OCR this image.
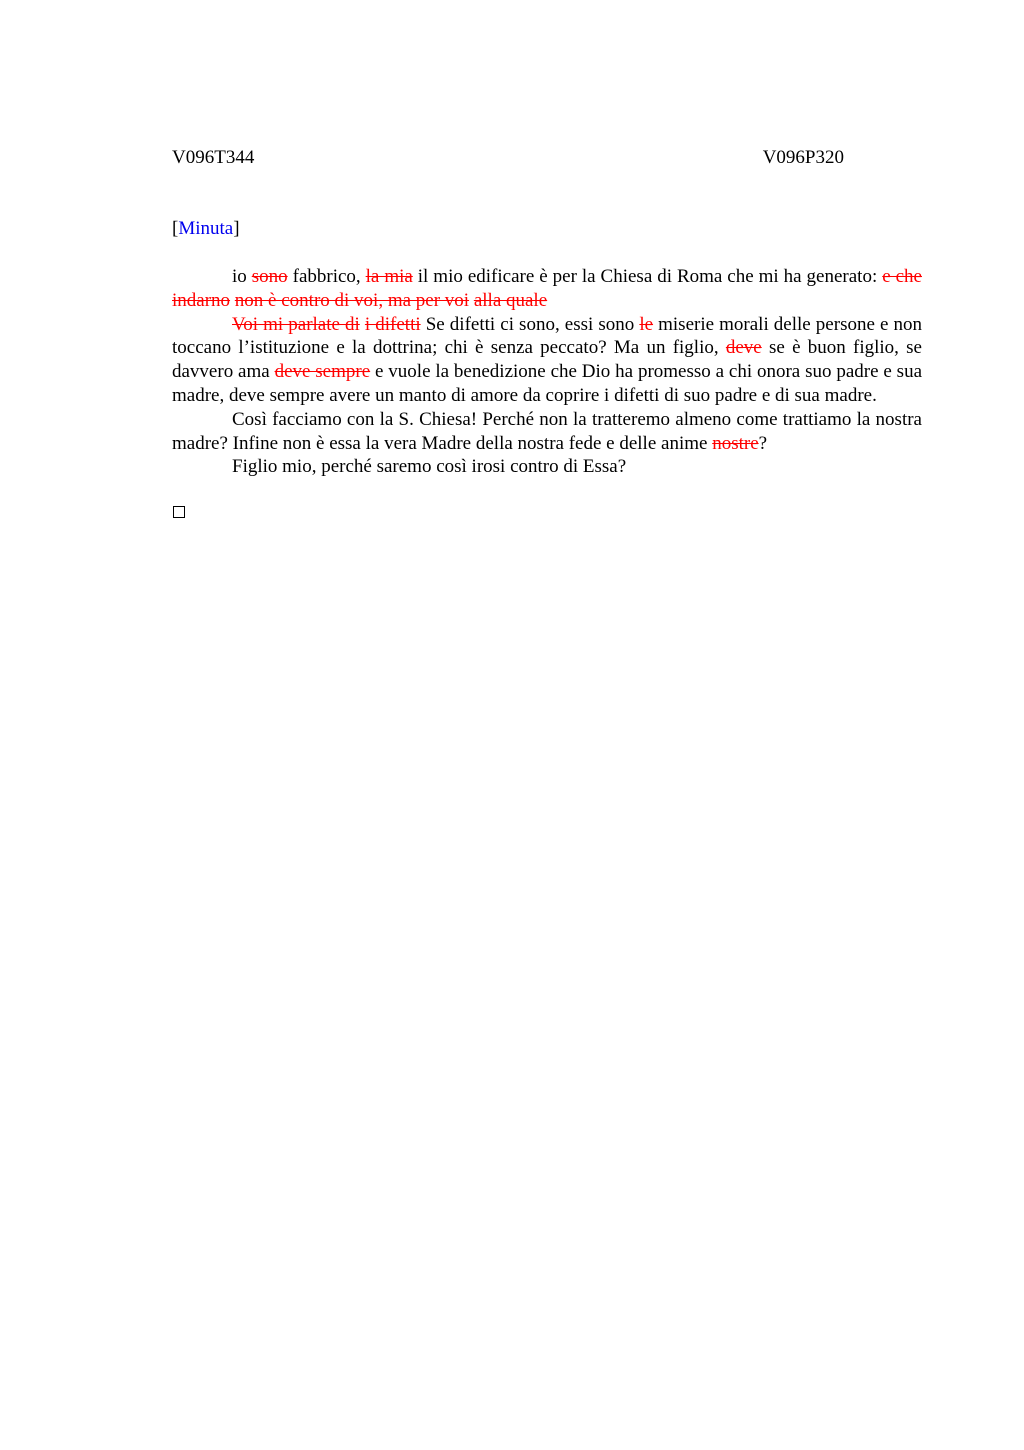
V096T344	V096P320
[Minuta]

io sono fabbrico, la mia il mio edificare è per la Chiesa di Roma che mi ha generato: e che indarno non è contro di voi, ma per voi alla quale

Voi mi parlate di i difetti Se difetti ci sono, essi sono le miserie morali delle persone e non toccano l’istituzione e la dottrina; chi è senza peccato? Ma un figlio, deve se è buon figlio, se davvero ama deve sempre e vuole la benedizione che Dio ha promesso a chi onora suo padre e sua madre, deve sempre avere un manto di amore da coprire i difetti di suo padre e di sua madre.

Così facciamo con la S. Chiesa! Perché non la tratteremo almeno come trattiamo la nostra madre? Infine non è essa la vera Madre della nostra fede e delle anime nostre?

Figlio mio, perché saremo così irosi contro di Essa?
